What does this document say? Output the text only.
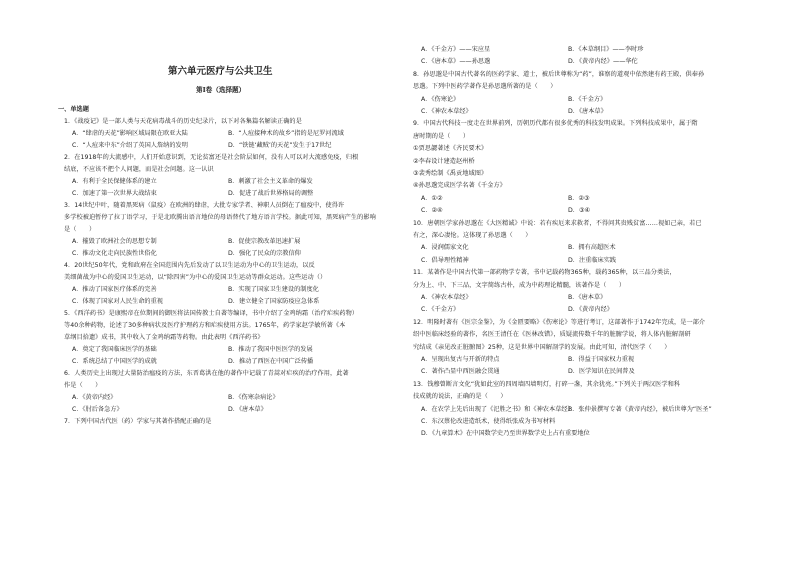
第六单元医疗与公共卫生
第Ⅰ卷（选择题）
一、单选题
1．《战疫记》是一部人类与天花病毒战斗的历史纪录片，以下对各集篇名解读正确的是
A．“肆虐的天花”影响区域局限在欧亚大陆	B．“人痘接种术的故乡”指的是尼罗河流域
C．“人痘来中东”介绍了英国人詹纳的发明	D．“铁链‘藏贼’的天花”发生于17世纪
2．在1918年的大流感中，人们开始意识到，无论贫富还是社会阶层如何，没有人可以对大流感免疫，归根
结底，不应该不把个人问题，而是社会问题。这一认识
A．有利于全民保健体系的建立	B．刺激了社会主义革命的爆发
C．加速了第一次世界大战结束	D．促进了战后世界格局的调整
3．14世纪中叶，随着黑死病（鼠疫）在欧洲的肆虐，大批专家学者、神职人员倒在了瘟疫中，使得许
多学校被迫暂停了拉丁语学习，于是北欧腾出语言地位的母语替代了地方语言学校。据此可知，黑死病产生的影响
是（　　）
A．摧毁了欧洲社会的思想专制	B．促使宗教改革迅速扩展
C．推动文化走向民族性世俗化	D．强化了民众的宗教信仰
4．20世纪50年代，党和政府在全国范围内先后发动了以卫生运动为中心的卫生运动，以反
美细菌战为中心的爱国卫生运动，以“除四害”为中心的爱国卫生运动等群众运动。这些运动（）
A．推动了国家医疗体系的完善	B．实现了国家卫生建设的制度化
C．体现了国家对人民生命的重视	D．建立健全了国家防疫应急体系
5．《西洋药书》是康熙帝在位期间的御医将法国传教士自著等编译，书中介绍了金鸡纳霜（治疗疟疾药物）
等40余种药物，论述了30多种病状及医疗护理药方和疟疾使用方法。1765年，药学家赵学敏所著《本
草纲目拾遗》成书，其中收入了金鸡纳霜等药物。由此表明《西洋药书》
A．奠定了我国临床医学的基础	B．推动了我国中医医学的发展
C．系统总结了中国医学的成就	D．推动了西医在中国广泛传播
6．人类历史上出现过大量防治瘟疫的方法，东晋葛洪在他的著作中记载了青蒿对疟疾的治疗作用，此著
作是（　　）
A．《黄帝内经》	B．《伤寒杂病论》
C．《肘后备急方》	D．《唐本草》
7．下列中国古代医（药）学家与其著作搭配正确的是
A．《千金方》——宋应星	B．《本草纲目》——李时珍
C．《唐本草》——孙思邈	D．《黄帝内经》——华佗
8．孙思邈是中国古代著名的医药学家、道士，被后世尊称为“药”，谁察的道观中依然建有药王殿，供奉孙
思邈。下列中医药学著作是孙思邈所著的是（　　）
A．《伤寒论》	B．《千金方》
C．《神农本草经》	D．《唐本草》
9．中国古代科技一度走在世界前列，历朝历代都有很多优秀的科技发明成果。下列科技成果中，属于隋
唐时期的是（　　）
①贾思勰著述《齐民要术》
②李春设计建造赵州桥
③裴秀绘制《禹贡地域图》
④孙思邈完成医学名著《千金方》
A．①②	B．②③
C．②④	D．③④
10．唐朝医学家孙思邈在《大医精诚》中说：若有疾厄来求救者，不得问其贵贱贫富……视如己亲，若已
有之，深心凄怆。这体现了孙思邈（　　）
A．浸润儒家文化	B．拥有高超医术
C．倡导理性精神	D．注重临床实践
11．某著作是中国古代第一部药物学专著，书中记载药物365种，载药365种，以三品分类法，
分为上、中、下三品，文字简练古朴，成为中药理论精髓，该著作是（　　）
A．《神农本草经》	B．《唐本草》
C．《千金方》	D．《黄帝内经》
12．明隆时著有《医宗金鉴》，为《金匮要略》《伤寒论》等进行考订，这部著作于1742年完成，是一部介
绍中医临床经验的著作，名医王清任在《医林改错》，质疑流传数千年的脏腑学说，将人体内脏解剖研
究结成《亲见改正脏腑图》25种，这是世界中国解剖学的发展。由此可知，清代医学（　　）
A．呈现出复古与开新的特点	B．得益于国家权力重视
C．著作凸显中西医融会贯通	D．医学知识在民间普及
13．钱穆曾断言文化“犹如此室的四周墙四墙明灯，打碎一盏，其余犹亮。”下列关于两汉医学和科
技成就的说法，正确的是（　　）
A．在农学上先后出现了《汜胜之书》和《神农本草经》
B．张仲景撰写专著《黄帝内经》，被后世尊为“医圣”
C．东汉蔡伦改进造纸术，使得纸张成为书写材料
D．《九章算术》在中国数学史乃至世界数学史上占有重要地位
